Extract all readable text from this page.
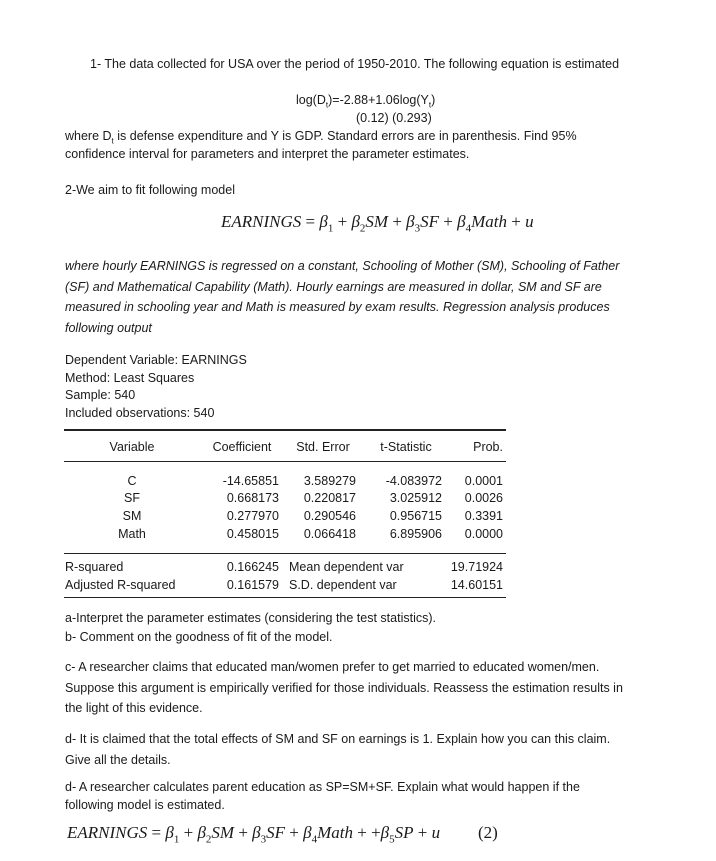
1- The data collected for USA over the period of 1950-2010. The following equation is estimated
$\log(D_t)=-2.88+1.06\log(Y_t)$
(0.12) (0.293)
where $D_t$ is defense expenditure and Y is GDP. Standard errors are in parenthesis. Find 95%
confidence interval for parameters and interpret the parameter estimates.
2-We aim to fit following model
EARNINGS = $\beta_1 + \beta_2SM + \beta_3SF$ + $\beta_4Math + u$
where hourly EARNINGS is regressed on a constant, Schooling of Mother (SM), Schooling of Father
(SF) and Mathematical Capability (Math). Hourly earnings are measured in dollar, SM and SF are
measured in schooling year and Math is measured by exam results. Regression analysis produces
following output
Dependent Variable: EARNINGS
Method: Least Squares
Sample: 540
Included observations: 540
Variable	Coefficient	Std. Error	t-Statistic	Prob.
C	-14.65851	3.589279	-4.083972	0.0001
SF	0.668173	0.220817	3.025912	0.0026
SM	0.277970	0.290546	0.956715	0.3391
Math	0.458015	0.066418	6.895906	0.0000
R-squared	0.166245 Mean dependent var	19.71924
Adjusted R-squared	0.161579 S.D. dependent var	14.60151
a-Interpret the parameter estimates (considering the test statistics).
b- Comment on the goodness of fit of the model.
c- A researcher claims that educated man/women prefer to get married to educated women/men.
Suppose this argument is empirically verified for those individuals. Reassess the estimation results in
the light of this evidence.
d- It is claimed that the total effects of SM and SF on earnings is 1. Explain how you can this claim.
Give all the details.
d- A researcher calculates parent education as SP=SM+SF. Explain what would happen if the
following model is estimated.
EARNINGS = $\beta_1 + \beta_2SM + \beta_3SF$ + $\beta_4Math + +\beta_5SP + u$ (2)
